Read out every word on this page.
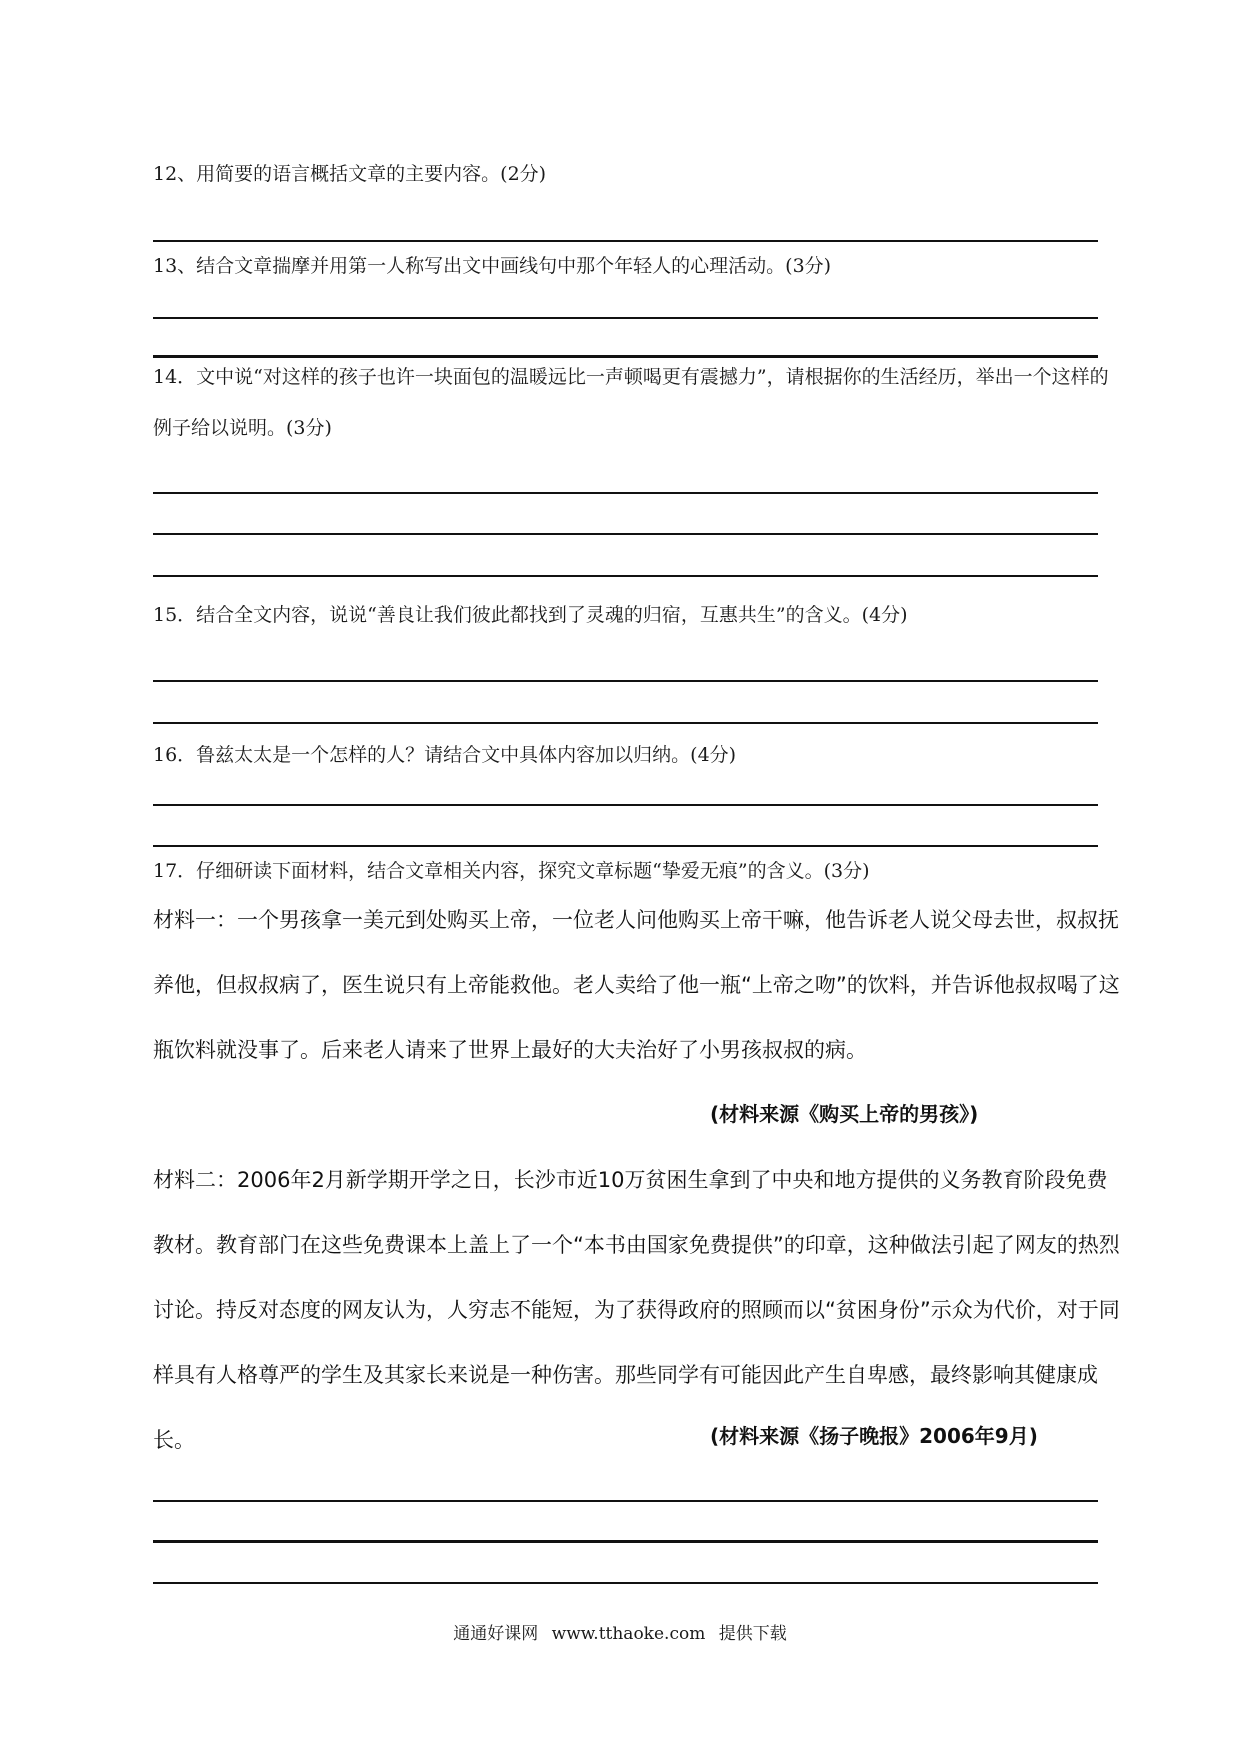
12、用简要的语言概括文章的主要内容。(2分)
13、结合文章揣摩并用第一人称写出文中画线句中那个年轻人的心理活动。(3分)
14．文中说“对这样的孩子也许一块面包的温暖远比一声顿喝更有震撼力”，请根据你的生活经历，举出一个这样的例子给以说明。(3分)
15．结合全文内容，说说“善良让我们彼此都找到了灵魂的归宿，互惠共生”的含义。(4分)
16．鲁兹太太是一个怎样的人？请结合文中具体内容加以归纳。(4分)
17．仔细研读下面材料，结合文章相关内容，探究文章标题“挚爱无痕”的含义。(3分)
材料一：一个男孩拿一美元到处购买上帝，一位老人问他购买上帝干嘛，他告诉老人说父母去世，叔叔抚养他，但叔叔病了，医生说只有上帝能救他。老人卖给了他一瓶“上帝之吻”的饮料，并告诉他叔叔喝了这瓶饮料就没事了。后来老人请来了世界上最好的大夫治好了小男孩叔叔的病。
(材料来源《购买上帝的男孩》)
材料二：2006年2月新学期开学之日，长沙市近10万贫困生拿到了中央和地方提供的义务教育阶段免费教材。教育部门在这些免费课本上盖上了一个“本书由国家免费提供”的印章，这种做法引起了网友的热烈讨论。持反对态度的网友认为，人穷志不能短，为了获得政府的照顾而以“贫困身份”示众为代价，对于同样具有人格尊严的学生及其家长来说是一种伤害。那些同学有可能因此产生自卑感，最终影响其健康成长。	(材料来源《扬子晚报》2006年9月)
通通好课网 www.tthaoke.com 提供下载
